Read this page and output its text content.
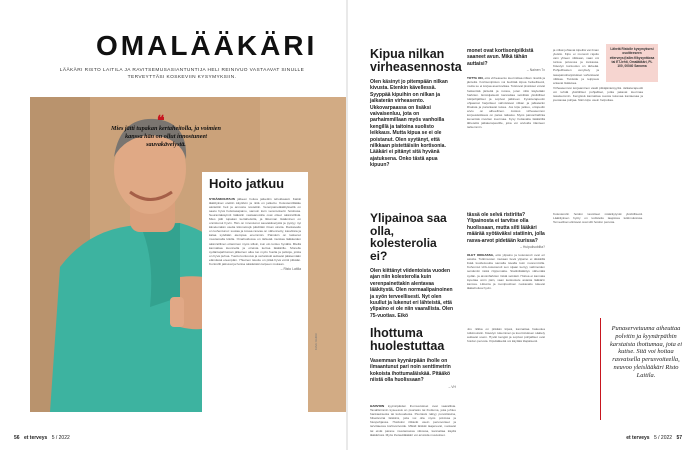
OMALÄÄKÄRI
LÄÄKÄRI RISTO LAITILA JA RAVITSEMUSASIANTUNTIJA HELI REINIVUO VASTAAVAT SINULLE TERVEYTTÄSI KOSKEVIIN KYSYMYKSIIN.
❝
Mies jätti tupakan kertaheitolla, ja voimien kanssa hän on ollut innostuneet sauvakävelystä.
Hoito jatkuu
SYDÄNKOHTAUS jälkeen hoitoa jatkettiin tehokkaasti. Kaikki lääkitykset otettiin käyttöön ja niitä on jatkettu. Kolesterolilääke aloitettiin heti ja annosta nostettiin. Verenpainelääkityksellä on saatu hyvä hoitotasapaino, samoin kuin verensokerin hoidossa. Seurantakäynnit lääkärin vastaanotolla ovat olleet säännöllisiä. Mies jätti tupakan kertaheitolla, ja liikunnan lisääminen on onnistunut hyvin. Hän on innostunut sauvakävelystä ja pystyy nyt kävelemään useita kilometrejä päivittäin ilman oireita. Ruokavalio on kohentunut: suolaa ja kovaa rasvaa on vähennetty, kasviksia ja kalaa syödään aiempaa enemmän. Painokin on laskenut muutamalla kilolla. Omahoidossa on tärkeää muistaa lääkkeiden säännöllinen ottaminen myös silloin, kun olo tuntuu hyvältä. Mieltä kannattaa kuunnella ja oireista kertoa lääkärille. Monelle sydäntapahtuman jälkeinen aika tuo myös huolia ja pelkoja, joista on hyvä puhua. Tuettu kuntoutus ja vertaistuki auttavat pääsemään elämässä eteenpäin. Yhteinen tavoite on pitää hyvä vointi pitkään. Kontrollit jatkuvat ja hoitoa säädetään tarpeen mukaan.
– Risto Laitila
KUVA: KAIKKI
56 et terveys 5 / 2022
Kipua nilkan virheasennosta
Olen käsinyt jo pitempään nilkan kivusta. Etenkin kävellessä. Syyppää kipuihin on nilkan ja jalkaterän virheasento. Ukkovarpaassa on lisäksi vaivaisenluu, jota on parhaimmillaan myös vanhoilla kengillä ja taitoina suolisto leikkaus. Mutta kipua se ei ole poistanut. Olen syytänyt, että nilkkaan pistettäisiin kortisonia. Lääkäri ei pitänyt sitä hyvänä ajatuksena. Onko tästä apua kipuun?
monet ovat kortisonipiikistä saaneet avun. Mikä tähän auttaisi?
– Nainen 7x
TOTTA ON, että virheasento kuormittaa nilkan niveliä ja jänteitä. Kortisonipistos voi lievittää kipua hetkellisesti, mutta se ei korjaa asentovikaa. Toistuvat pistokset voivat heikentää jänteitä ja rustoa, joten niitä käytetään harkiten. Ensisijaisesti kannattaa selvittää yksilölliset tukipohjalliset ja sopivat jalkineet. Fysioterapeutin ohjaamat harjoitteet vahvistavat nilkan ja jalkaterän lihaksia ja parantavat tukea. Jos kipu jatkuu, ortopedin arvio on aiheellinen. Joskus virheasennon korjausleikkaus on paras ratkaisu. Myös painonhallinta keventää nivelten kuormaa. Kysy hoitavalta lääkäriltä lähetettä jalkaterapeutille, joka voi arvioida tilanteen tarkemmin.
ja nilkat johtavat kipeiltä vai ilman yleistä. Kipu ei monesti rajoitu vain yhteen nilkkaan, vaan voi tuntua polvessa ja lonkassa. Kävelyn kuntoutus on tärkeää. Pohjelihasten venyttely ja tasapainoharjoitukset vahvistavat nilkkaa. Tukiside ja teippaus antavat lisätukea.
Virheasennon korjaaminen vaatii pitkäjänteisyyttä. Jalkaterapeutti voi tehdä yksilölliset pohjalliset, jotka jakavat kuormaa tasaisemmin. Kengissä kannattaa suosia tukevaa kantaosaa ja joustavaa pohjaa. Näin kipu usein helpottaa.
Lähetä Ristolle kysymyksesi osoitteeseen etterveys@aller.fi/kysyntäosa tai ET-lehti, Omalääkäri, PL 100, 00040 Sanoma
Ylipainoa saa olla, kolesterolia ei?
Olen kiittänyt viidentoista vuoden ajan niin kolesterolia kuin verenpainettakin alentavaa lääkitystä. Olen normaalipainoinen ja syön terveellisesti. Nyt olen kuullut ja lukenut eri lähteistä, että ylipaino ei ole niin vaarallista. Olen 75-vuotias. Eikö
tässä ole selvä ristiriita? Ylipainosta ei tarvitse olla huolissaan, mutta silti lääkäri määrää syötäväksi statiinin, jolla rasva-arvot pidetään kurissa?
– Huipulisobilta?
OLET OIKEASSA, että ylipaino ja kolesteroli ovat eri asioita. Tutkimusten mukaan lievä ylipaino ei iäkkäillä lisää kuolleisuutta samalla tavalla kuin nuoremmilla. Kohonnut LDL-kolesteroli sen sijaan kertyy valtimoiden seinämiin iästä riippumatta. Statiinilääkitys vähentää sydän- ja aivoinfarktien riskiä selvästi. Hoitoa ei kannata lopettaa omin päin, vaan keskustele asiasta lääkärin kanssa. Liikunta ja monipuolinen ruokavalio tukevat lääkehoitoa hyvin.
Kolesterolin hoidon tavoitteet määräytyvät yksilöllisesti. Lääkityksen hyöty on todistettu laajoissa tutkimuksissa. Terveelliset elintavat ovat silti hoidon perusta.
Ihottuma huolestuttaa
Vasemman kyynärpään iholle on ilmaantunut pari noin senttimetrin kokoista ihottumaläiskää. Pitääkö niistä olla huolissaan?
– VH
HARVOIN kyynärpäiden ihomuutokset ovat vaarallisia. Tavallisimmin kyseessä on psoriasis tai ihottuma, joka johtuu hankauksesta tai kuivuudesta. Psoriasis näkyy punoittavina, hilseilevinä läiskinä, joita voi olla myös polvissa ja hiuspohjassa. Hoidoksi riittävät usein perusvoiteet ja tarvittaessa kortisonivoide. Mikäli läiskät laajenevat, vuotavat tai eivät parane muutamassa viikossa, kannattaa käydä lääkärissä. Myös ihotautilääkäri voi arvioida muutokset.
Jos nilkka on pitkään kipeä, kannattaa hakeutua tutkimuksiin. Kävelyn tukeminen ja kuormituksen säätely auttavat usein. Hyvät kengät ja sopivat pohjalliset ovat hoidon perusta. Kipulääkettä voi käyttää tilapäisesti.
Punaservetuuma aiheuttaa polvitin ja kyynärpäihin karstaista ihottumaa, jota ei kutise. Sitä voi hoitaa rasvaisella perusvoiteella, neuvoo yleislääkäri Risto Laitila.
et terveys 5 / 2022 57
